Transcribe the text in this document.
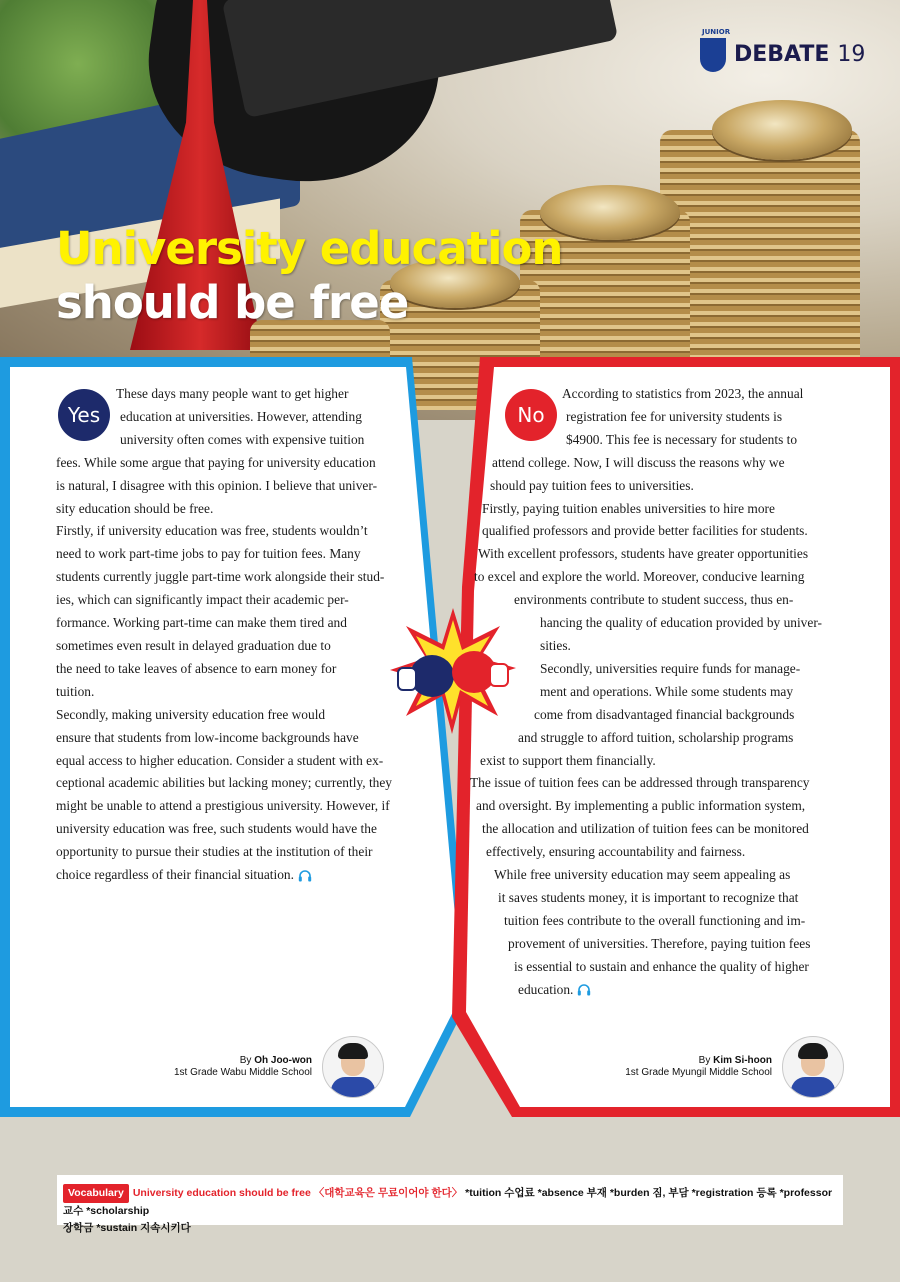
JUNIOR
DEBATE 19
University education
should be free
Yes	No
These days many people want to get higher
education at universities. However, attending
university often comes with expensive tuition
fees. While some argue that paying for university education
is natural, I disagree with this opinion. I believe that univer-
sity education should be free.
Firstly, if university education was free, students wouldn’t
need to work part-time jobs to pay for tuition fees. Many
students currently juggle part-time work alongside their stud-
ies, which can significantly impact their academic per-
formance. Working part-time can make them tired and
sometimes even result in delayed graduation due to
the need to take leaves of absence to earn money for
tuition.
Secondly, making university education free would
ensure that students from low-income backgrounds have
equal access to higher education. Consider a student with ex-
ceptional academic abilities but lacking money; currently, they
might be unable to attend a prestigious university. However, if
university education was free, such students would have the
opportunity to pursue their studies at the institution of their
choice regardless of their financial situation.
According to statistics from 2023, the annual
registration fee for university students is
$4900. This fee is necessary for students to
attend college. Now, I will discuss the reasons why we
should pay tuition fees to universities.
Firstly, paying tuition enables universities to hire more
qualified professors and provide better facilities for students.
With excellent professors, students have greater opportunities
to excel and explore the world. Moreover, conducive learning
environments contribute to student success, thus en-
hancing the quality of education provided by univer-
sities.
Secondly, universities require funds for manage-
ment and operations. While some students may
come from disadvantaged financial backgrounds
and struggle to afford tuition, scholarship programs
exist to support them financially.
The issue of tuition fees can be addressed through transparency
and oversight. By implementing a public information system,
the allocation and utilization of tuition fees can be monitored
effectively, ensuring accountability and fairness.
While free university education may seem appealing as
it saves students money, it is important to recognize that
tuition fees contribute to the overall functioning and im-
provement of universities. Therefore, paying tuition fees
is essential to sustain and enhance the quality of higher
education.
By Oh Joo-won
1st Grade Wabu Middle School
By Kim Si-hoon
1st Grade Myungil Middle School

Vocabulary University education should be free 〈대학교육은 무료이어야 한다〉 *tuition 수업료 *absence 부재 *burden 짐, 부담 *registration 등록 *professor 교수 *scholarship
장학금 *sustain 지속시키다
